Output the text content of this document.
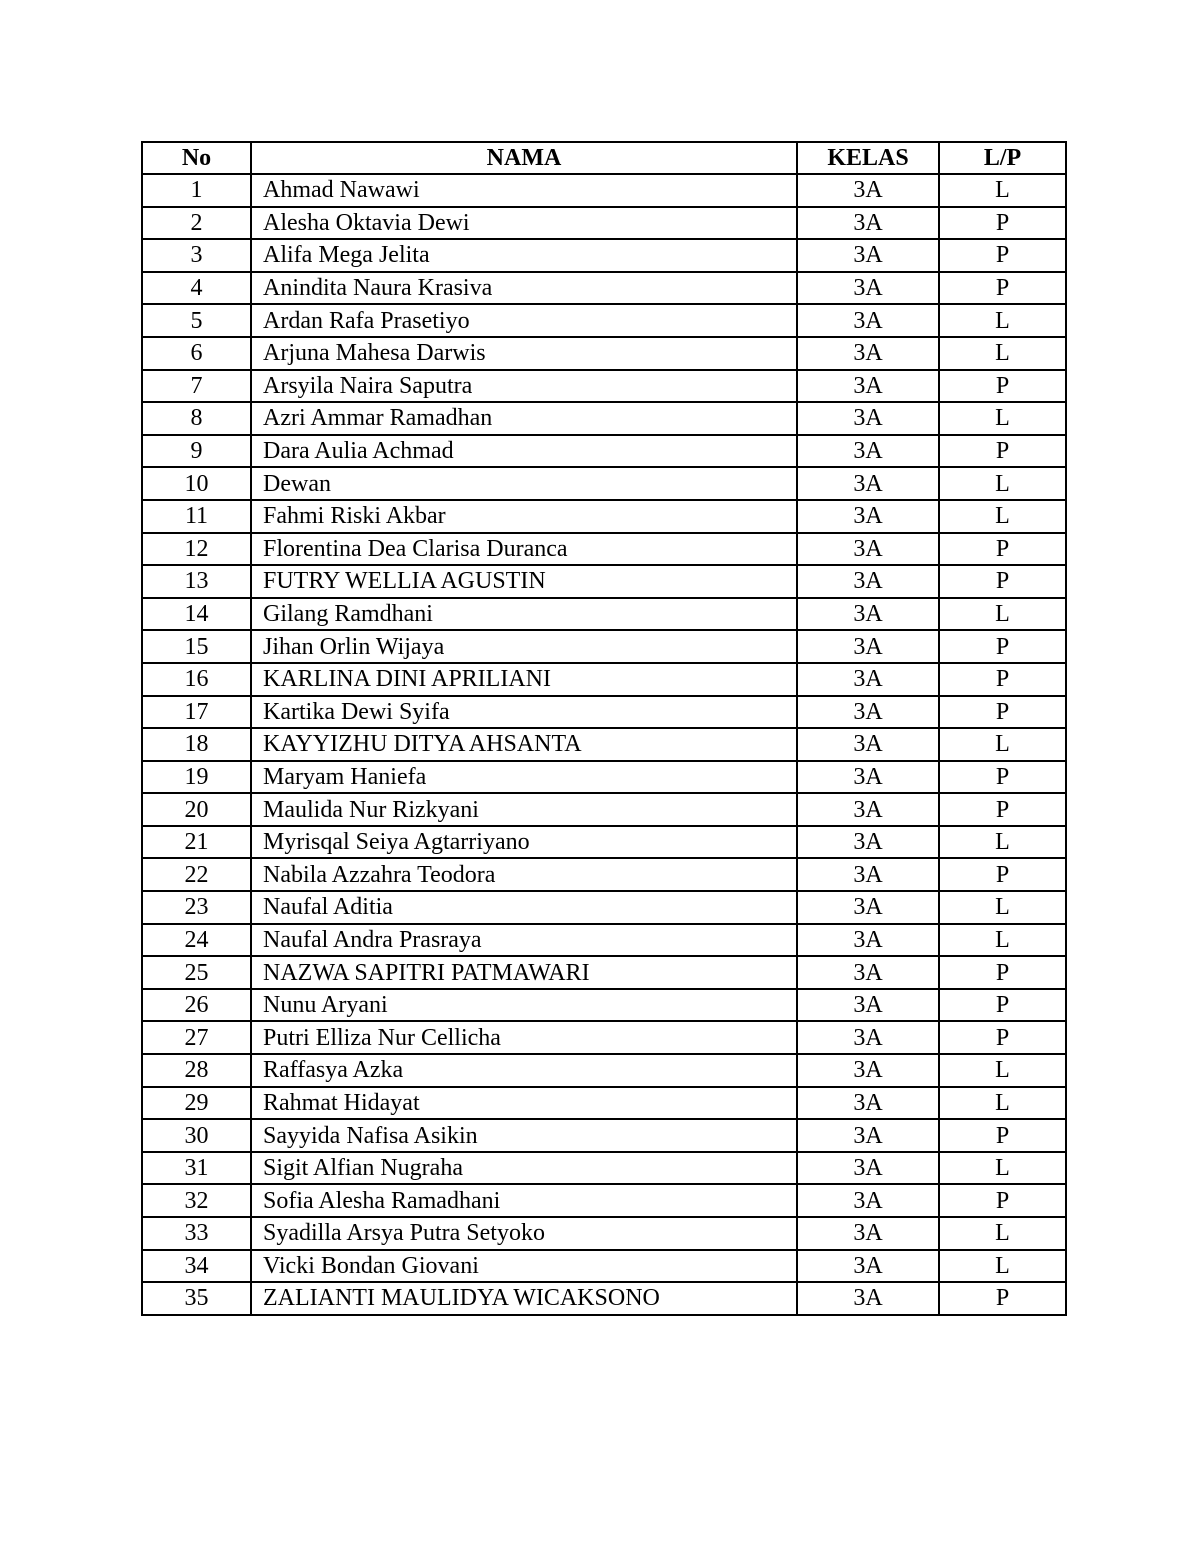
No	NAMA	KELAS	L/P
1	Ahmad Nawawi	3A	L
2	Alesha Oktavia Dewi	3A	P
3	Alifa Mega Jelita	3A	P
4	Anindita Naura Krasiva	3A	P
5	Ardan Rafa Prasetiyo	3A	L
6	Arjuna Mahesa Darwis	3A	L
7	Arsyila Naira Saputra	3A	P
8	Azri Ammar Ramadhan	3A	L
9	Dara Aulia Achmad	3A	P
10	Dewan	3A	L
11	Fahmi Riski Akbar	3A	L
12	Florentina Dea Clarisa Duranca	3A	P
13	FUTRY WELLIA AGUSTIN	3A	P
14	Gilang Ramdhani	3A	L
15	Jihan Orlin Wijaya	3A	P
16	KARLINA DINI APRILIANI	3A	P
17	Kartika Dewi Syifa	3A	P
18	KAYYIZHU DITYA AHSANTA	3A	L
19	Maryam Haniefa	3A	P
20	Maulida Nur Rizkyani	3A	P
21	Myrisqal Seiya Agtarriyano	3A	L
22	Nabila Azzahra Teodora	3A	P
23	Naufal Aditia	3A	L
24	Naufal Andra Prasraya	3A	L
25	NAZWA SAPITRI PATMAWARI	3A	P
26	Nunu Aryani	3A	P
27	Putri Elliza Nur Cellicha	3A	P
28	Raffasya Azka	3A	L
29	Rahmat Hidayat	3A	L
30	Sayyida Nafisa Asikin	3A	P
31	Sigit Alfian Nugraha	3A	L
32	Sofia Alesha Ramadhani	3A	P
33	Syadilla Arsya Putra Setyoko	3A	L
34	Vicki Bondan Giovani	3A	L
35	ZALIANTI MAULIDYA WICAKSONO	3A	P
